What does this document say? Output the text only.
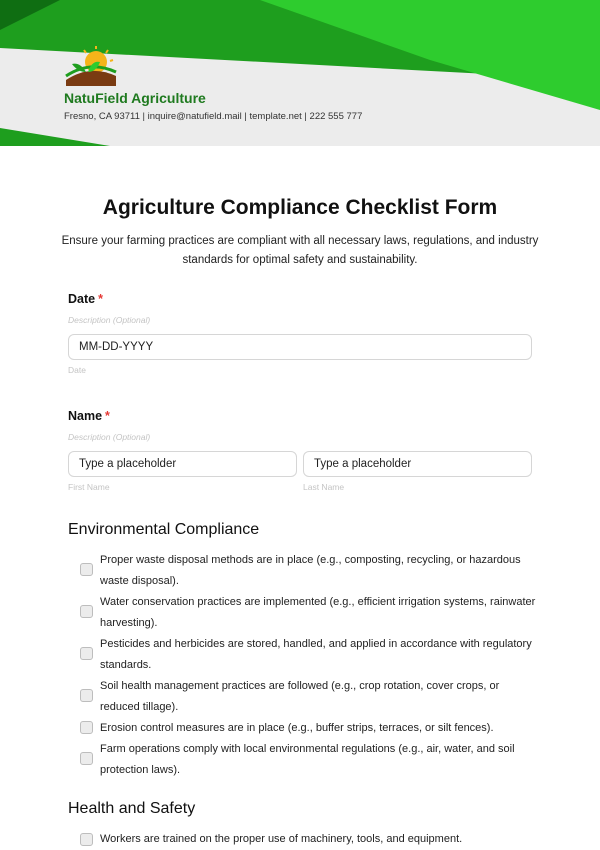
NatuField Agriculture
Fresno, CA 93711 | inquire@natufield.mail | template.net | 222 555 777
Agriculture Compliance Checklist Form
Ensure your farming practices are compliant with all necessary laws, regulations, and industry standards for optimal safety and sustainability.
Date *
Description (Optional)
MM-DD-YYYY
Date
Name *
Description (Optional)
Type a placeholder	Type a placeholder
First Name	Last Name
Environmental Compliance
Proper waste disposal methods are in place (e.g., composting, recycling, or hazardous waste disposal).
Water conservation practices are implemented (e.g., efficient irrigation systems, rainwater harvesting).
Pesticides and herbicides are stored, handled, and applied in accordance with regulatory standards.
Soil health management practices are followed (e.g., crop rotation, cover crops, or reduced tillage).
Erosion control measures are in place (e.g., buffer strips, terraces, or silt fences).
Farm operations comply with local environmental regulations (e.g., air, water, and soil protection laws).
Health and Safety
Workers are trained on the proper use of machinery, tools, and equipment.
